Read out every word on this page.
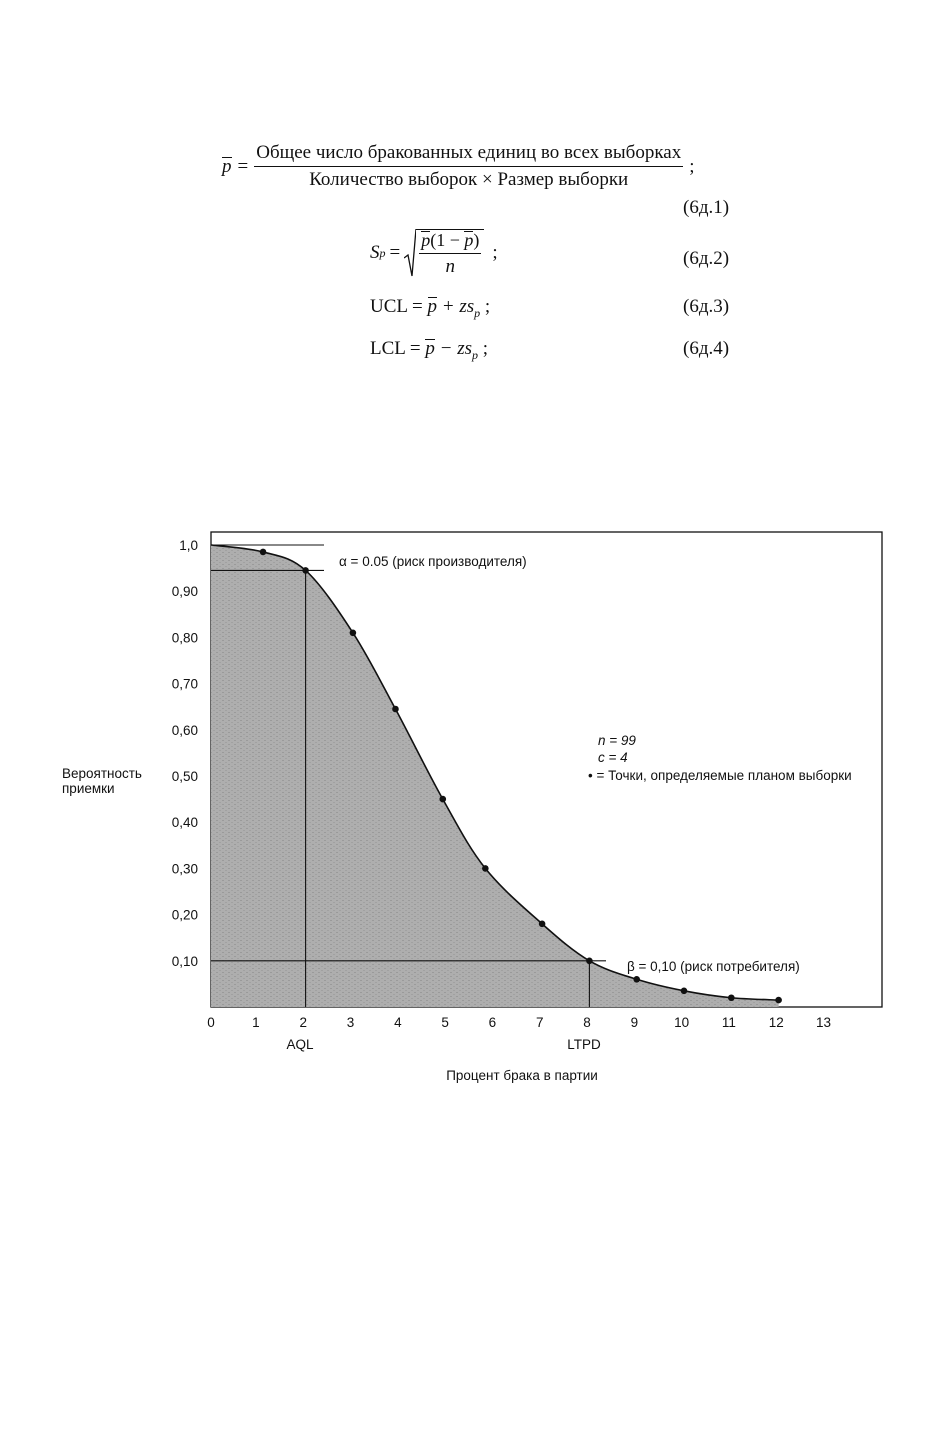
$p = \frac{\text{Общее число бракованных единиц во всех выборках}}{\text{Количество выборок × Размер выборки}}$ ;
(6д.1)
S $p = \frac{p(1 - p)}{n}$ ;	(6д.2)
UCL = $p + zs_p$ ;	(6д.3)
LCL = $p - zs_p$ ;	(6д.4)
1,0
0,90
0,80
0,70
0,60
0,50
0,40
0,30
0,20
0,10
0	1	2	3	4	5	6	7	8	9	10 11 12 13
Вероятность приемки
Процент брака в партии
α = 0.05 (риск производителя)
β = 0,10 (риск потребителя)
AQL	LTPD
n = 99
c = 4
• = Точки, определяемые планом выборки
